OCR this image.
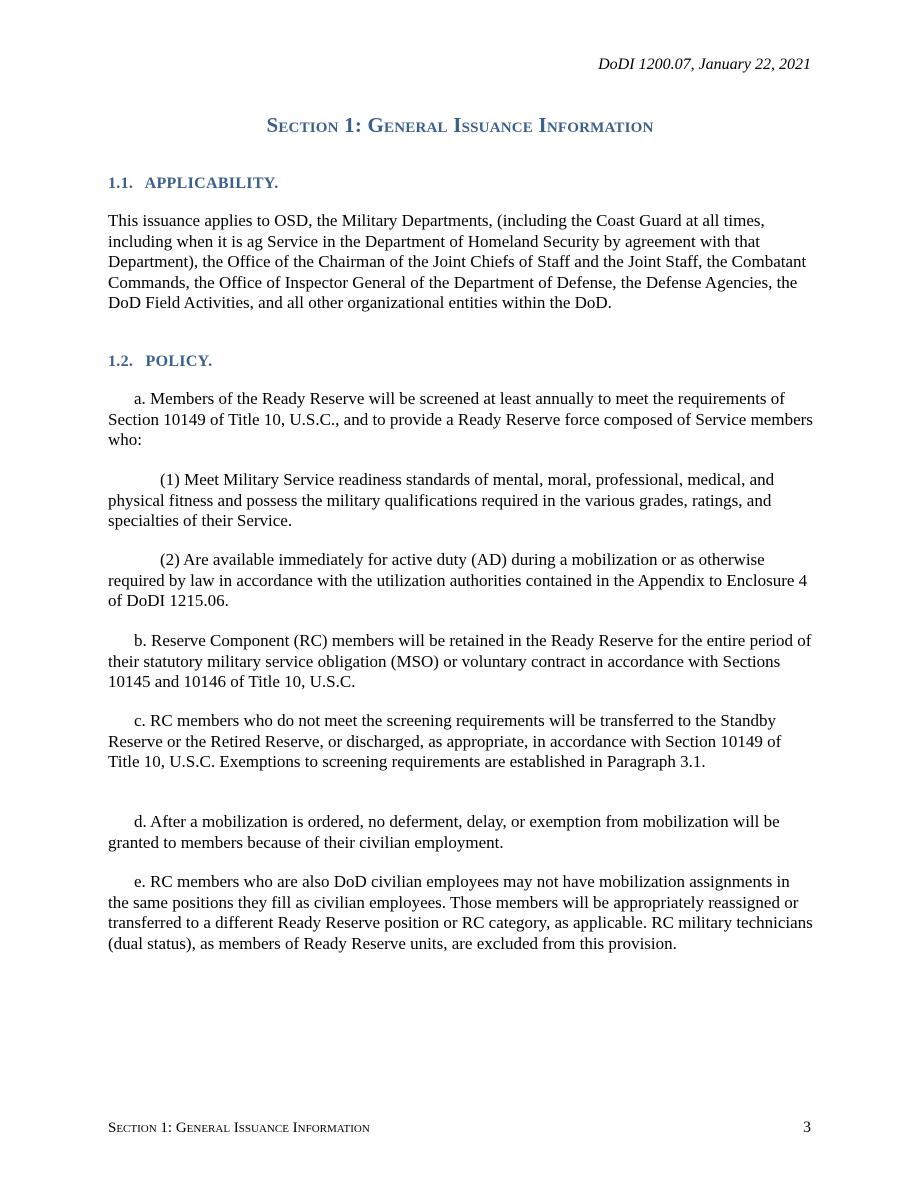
DoDI 1200.07, January 22, 2021
Section 1: General Issuance Information
1.1. APPLICABILITY.

This issuance applies to OSD, the Military Departments, (including the Coast Guard at all times, including when it is ag Service in the Department of Homeland Security by agreement with that Department), the Office of the Chairman of the Joint Chiefs of Staff and the Joint Staff, the Combatant Commands, the Office of Inspector General of the Department of Defense, the Defense Agencies, the DoD Field Activities, and all other organizational entities within the DoD.

1.2. POLICY.

a. Members of the Ready Reserve will be screened at least annually to meet the requirements of Section 10149 of Title 10, U.S.C., and to provide a Ready Reserve force composed of Service members who:

(1) Meet Military Service readiness standards of mental, moral, professional, medical, and physical fitness and possess the military qualifications required in the various grades, ratings, and specialties of their Service.

(2) Are available immediately for active duty (AD) during a mobilization or as otherwise required by law in accordance with the utilization authorities contained in the Appendix to Enclosure 4 of DoDI 1215.06.

b. Reserve Component (RC) members will be retained in the Ready Reserve for the entire period of their statutory military service obligation (MSO) or voluntary contract in accordance with Sections 10145 and 10146 of Title 10, U.S.C.

c. RC members who do not meet the screening requirements will be transferred to the Standby Reserve or the Retired Reserve, or discharged, as appropriate, in accordance with Section 10149 of Title 10, U.S.C. Exemptions to screening requirements are established in Paragraph 3.1.

d. After a mobilization is ordered, no deferment, delay, or exemption from mobilization will be granted to members because of their civilian employment.

e. RC members who are also DoD civilian employees may not have mobilization assignments in the same positions they fill as civilian employees. Those members will be appropriately reassigned or transferred to a different Ready Reserve position or RC category, as applicable. RC military technicians (dual status), as members of Ready Reserve units, are excluded from this provision.

Section 1: General Issuance Information	3
